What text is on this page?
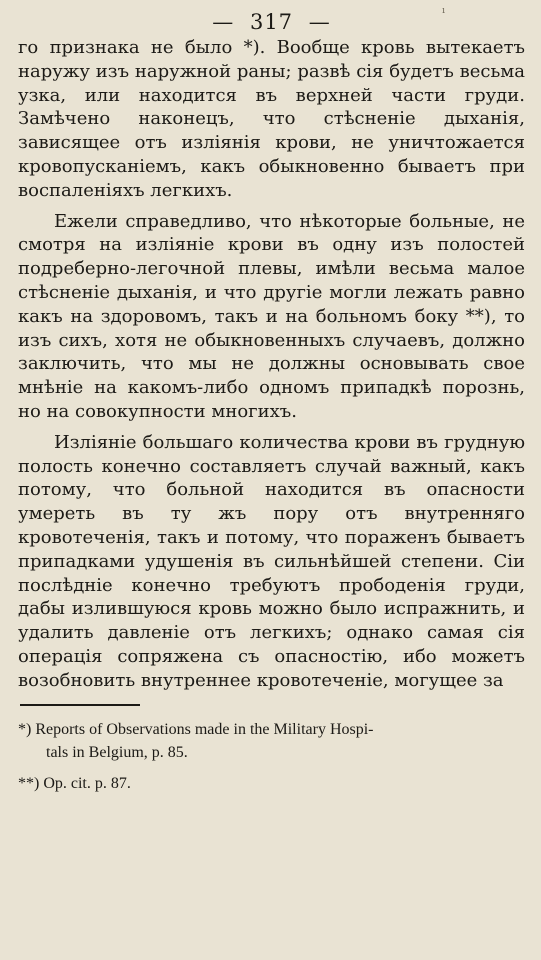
— 317 —	ı

го признака не было *). Вообще кровь вытекаетъ наружу изъ наружной раны; развѣ сія будетъ весьма узка, или находится въ верхней части груди. Замѣчено наконецъ, что стѣсненіе дыханія, зависящее отъ изліянія крови, не уничтожается кровопусканіемъ, какъ обыкновенно бываетъ при воспаленіяхъ легкихъ.

Ежели справедливо, что нѣкоторые больные, не смотря на изліяніе крови въ одну изъ полостей подреберно-легочной плевы, имѣли весьма малое стѣсненіе дыханія, и что другіе могли лежать равно какъ на здоровомъ, такъ и на больномъ боку **), то изъ сихъ, хотя не обыкновенныхъ случаевъ, должно заключить, что мы не должны основывать свое мнѣніе на какомъ-либо одномъ припадкѣ порознь, но на совокупности многихъ.

Изліяніе большаго количества крови въ грудную полость конечно составляетъ случай важный, какъ потому, что больной находится въ опасности умереть въ ту жъ пору отъ внутренняго кровотеченія, такъ и потому, что пораженъ бываетъ припадками удушенія въ сильнѣйшей степени. Сіи послѣдніе конечно требуютъ прободенія груди, дабы излившуюся кровь можно было испражнить, и удалить давленіе отъ легкихъ; однако самая сія операція сопряжена съ опасностію, ибо можетъ возобновить внутреннее кровотеченіе, могущее за

*) Reports of Observations made in the Military Hospi-
tals in Belgium, p. 85.
**) Op. cit. p. 87.
